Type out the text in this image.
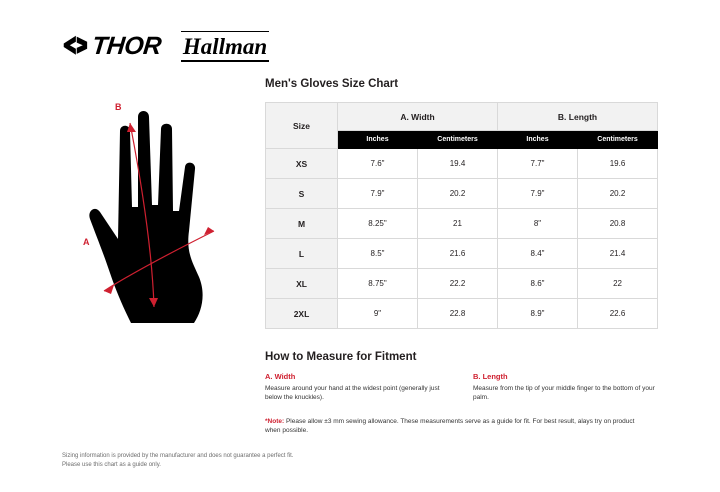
THOR Hallman
B
A
Men's Gloves Size Chart
Size	A. Width		B. Length	
	Inches	Centimeters	Inches	Centimeters
XS	7.6"	19.4	7.7"	19.6
S	7.9"	20.2	7.9"	20.2
M	8.25"	21	8"	20.8
L	8.5"	21.6	8.4"	21.4
XL	8.75"	22.2	8.6"	22
2XL	9"	22.8	8.9"	22.6
How to Measure for Fitment
A. Width
Measure around your hand at the widest point (generally just below the knuckles).
B. Length
Measure from the tip of your middle finger to the bottom of your palm.
*Note: Please allow ±3 mm sewing allowance. These measurements serve as a guide for fit. For best result, alays try on product when possible.
Sizing information is provided by the manufacturer and does not guarantee a perfect fit.
Please use this chart as a guide only.
